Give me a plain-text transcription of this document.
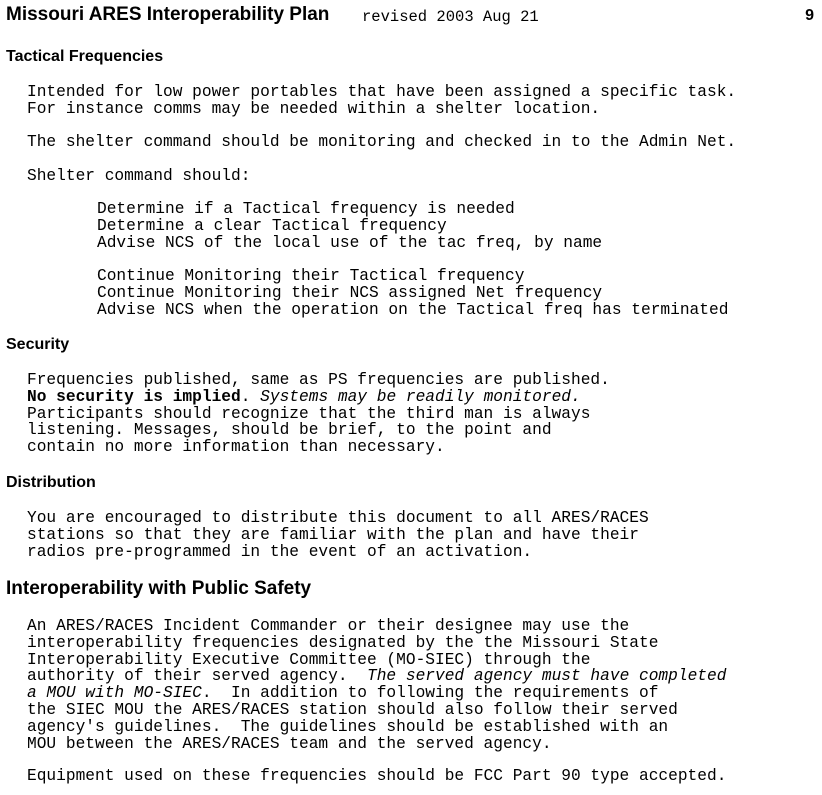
Missouri ARES Interoperability Plan revised 2003 Aug 21	9
Tactical Frequencies
Intended for low power portables that have been assigned a specific task.
For instance comms may be needed within a shelter location.
The shelter command should be monitoring and checked in to the Admin Net.
Shelter command should:
Determine if a Tactical frequency is needed
Determine a clear Tactical frequency
Advise NCS of the local use of the tac freq, by name
Continue Monitoring their Tactical frequency
Continue Monitoring their NCS assigned Net frequency
Advise NCS when the operation on the Tactical freq has terminated
Security
Frequencies published, same as PS frequencies are published.
No security is implied. Systems may be readily monitored.
Participants should recognize that the third man is always
listening. Messages, should be brief, to the point and
contain no more information than necessary.
Distribution
You are encouraged to distribute this document to all ARES/RACES
stations so that they are familiar with the plan and have their
radios pre-programmed in the event of an activation.
Interoperability with Public Safety
An ARES/RACES Incident Commander or their designee may use the
interoperability frequencies designated by the the Missouri State
Interoperability Executive Committee (MO-SIEC) through the
authority of their served agency.  The served agency must have completed
a MOU with MO-SIEC.  In addition to following the requirements of
the SIEC MOU the ARES/RACES station should also follow their served
agency's guidelines.  The guidelines should be established with an
MOU between the ARES/RACES team and the served agency.
Equipment used on these frequencies should be FCC Part 90 type accepted.
